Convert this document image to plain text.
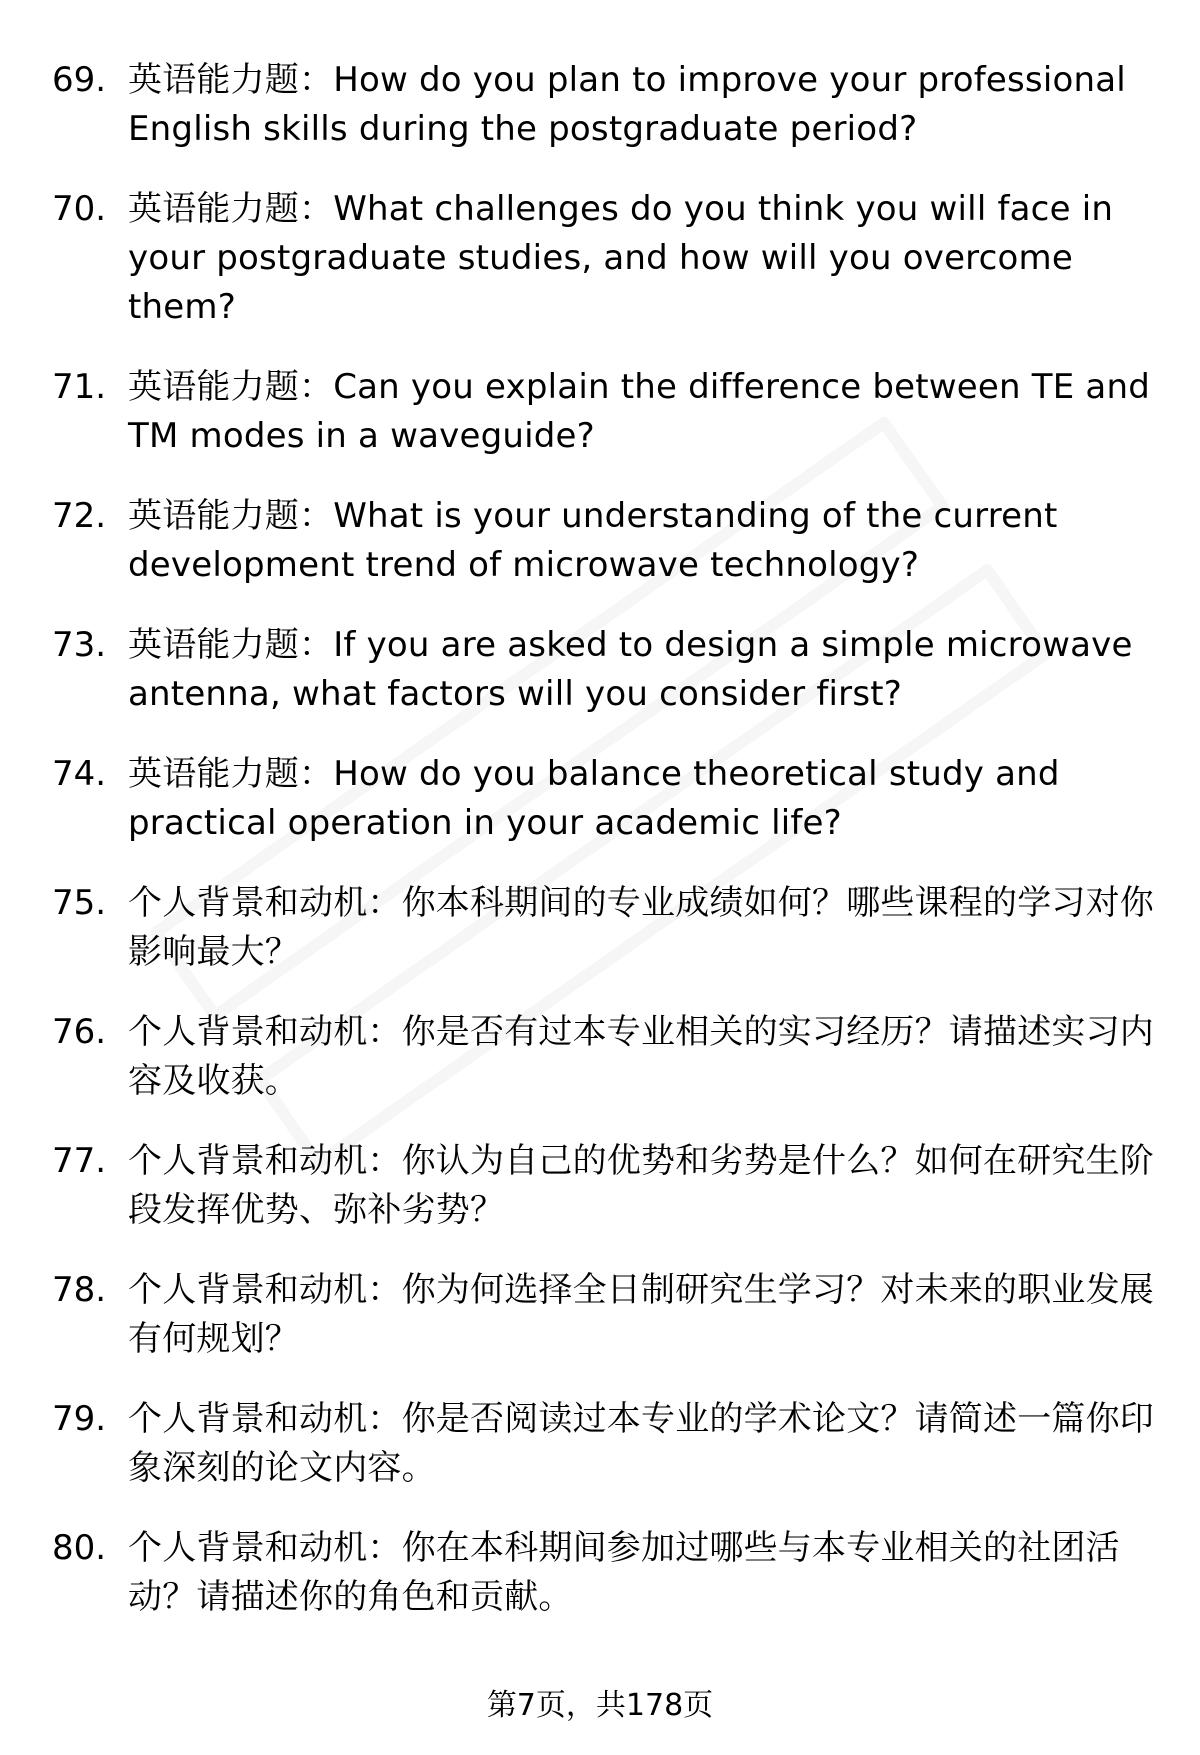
69. 英语能力题：How do you plan to improve your professional English skills during the postgraduate period?
70. 英语能力题：What challenges do you think you will face in your postgraduate studies, and how will you overcome them?
71. 英语能力题：Can you explain the difference between TE and TM modes in a waveguide?
72. 英语能力题：What is your understanding of the current development trend of microwave technology?
73. 英语能力题：If you are asked to design a simple microwave antenna, what factors will you consider first?
74. 英语能力题：How do you balance theoretical study and practical operation in your academic life?
75. 个人背景和动机：你本科期间的专业成绩如何？哪些课程的学习对你影响最大？
76. 个人背景和动机：你是否有过本专业相关的实习经历？请描述实习内容及收获。
77. 个人背景和动机：你认为自己的优势和劣势是什么？如何在研究生阶段发挥优势、弥补劣势？
78. 个人背景和动机：你为何选择全日制研究生学习？对未来的职业发展有何规划？
79. 个人背景和动机：你是否阅读过本专业的学术论文？请简述一篇你印象深刻的论文内容。
80. 个人背景和动机：你在本科期间参加过哪些与本专业相关的社团活动？请描述你的角色和贡献。
第7页，共178页
